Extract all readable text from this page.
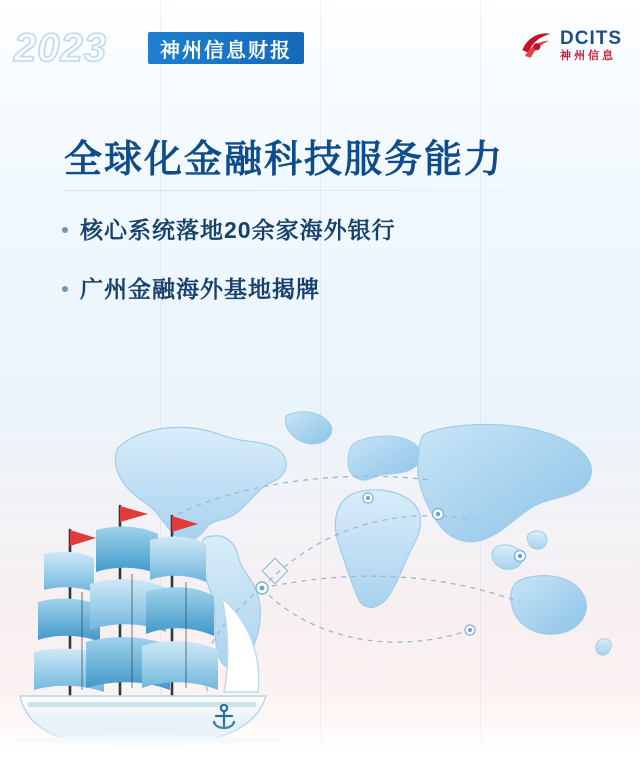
2023	神州信息财报
DCITS
神州信息
全球化金融科技服务能力
核心系统落地20余家海外银行
广州金融海外基地揭牌
